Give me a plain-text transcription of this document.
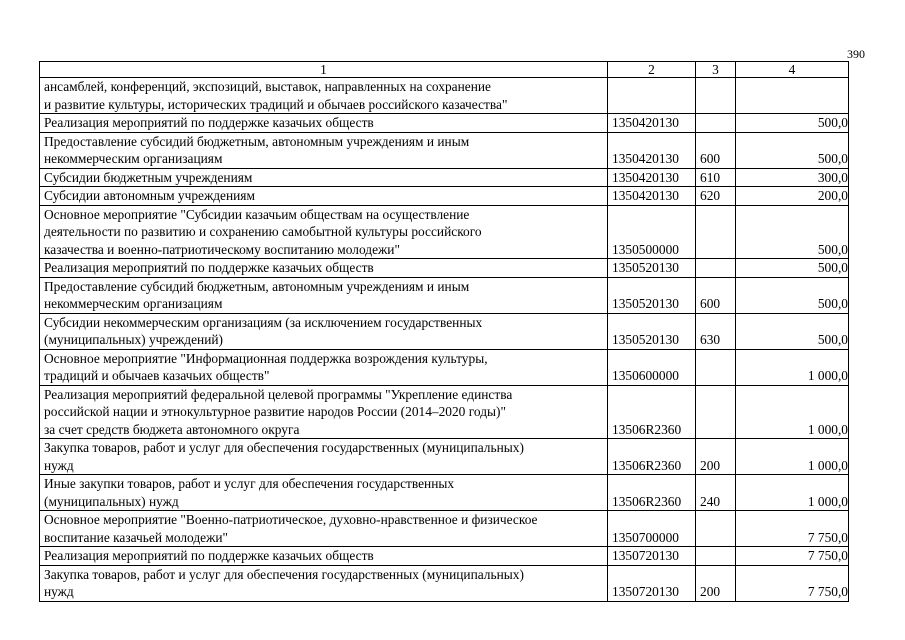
390
1	2	3	4

ансамблей, конференций, экспозиций, выставок, направленных на сохранение
и развитие культуры, исторических традиций и обычаев российского казачества"			

Реализация мероприятий по поддержке казачьих обществ	1350420130		500,0

Предоставление субсидий бюджетным, автономным учреждениям и иным
некоммерческим организациям	1350420130	600	500,0

Субсидии бюджетным учреждениям	1350420130	610	300,0

Субсидии автономным учреждениям	1350420130	620	200,0

Основное мероприятие "Субсидии казачьим обществам на осуществление
деятельности по развитию и сохранению самобытной культуры российского
казачества и военно-патриотическому воспитанию молодежи"	1350500000		500,0

Реализация мероприятий по поддержке казачьих обществ	1350520130		500,0

Предоставление субсидий бюджетным, автономным учреждениям и иным
некоммерческим организациям	1350520130	600	500,0

Субсидии некоммерческим организациям (за исключением государственных
(муниципальных) учреждений)	1350520130	630	500,0

Основное мероприятие "Информационная поддержка возрождения культуры,
традиций и обычаев казачьих обществ"	1350600000		1 000,0

Реализация мероприятий федеральной целевой программы "Укрепление единства
российской нации и этнокультурное развитие народов России (2014–2020 годы)"
за счет средств бюджета автономного округа	13506R2360		1 000,0

Закупка товаров, работ и услуг для обеспечения государственных (муниципальных)
нужд	13506R2360	200	1 000,0

Иные закупки товаров, работ и услуг для обеспечения государственных
(муниципальных) нужд	13506R2360	240	1 000,0

Основное мероприятие "Военно-патриотическое, духовно-нравственное и физическое
воспитание казачьей молодежи"	1350700000		7 750,0

Реализация мероприятий по поддержке казачьих обществ	1350720130		7 750,0

Закупка товаров, работ и услуг для обеспечения государственных (муниципальных)
нужд	1350720130	200	7 750,0
